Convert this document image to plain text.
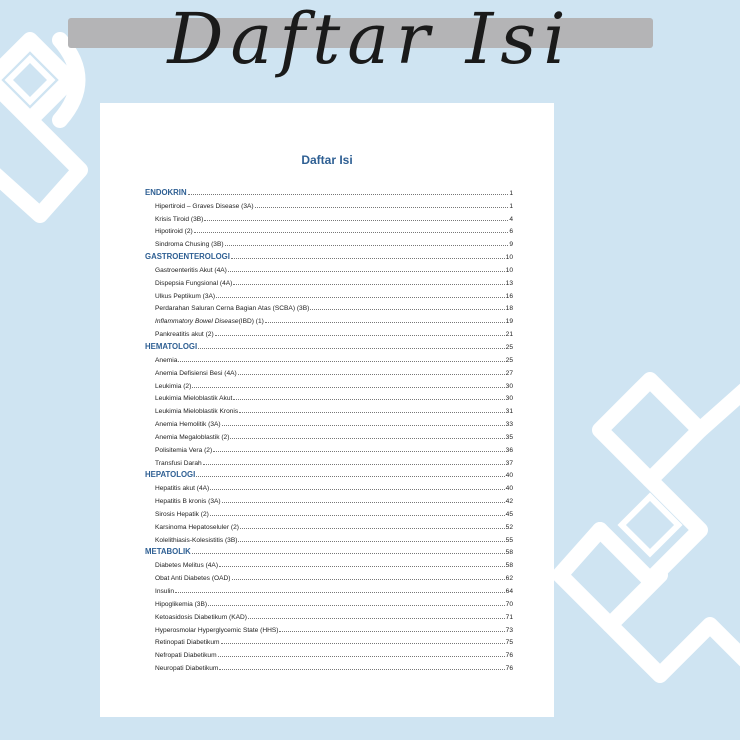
Daftar Isi
Daftar Isi
ENDOKRIN	1
Hipertiroid – Graves Disease (3A)	1
Krisis Tiroid (3B)	4
Hipotiroid (2)	6
Sindroma Chusing (3B)	9
GASTROENTEROLOGI	10
Gastroenteritis Akut (4A)	10
Dispepsia Fungsional (4A)	13
Ulkus Peptikum (3A)	16
Perdarahan Saluran Cerna Bagian Atas (SCBA) (3B)	18
Inflammatory Bowel Disease (IBD) (1)	19
Pankreatitis akut (2)	21
HEMATOLOGI	25
Anemia	25
Anemia Defisiensi Besi (4A)	27
Leukimia (2)	30
Leukimia Mieloblastik Akut	30
Leukimia Mieloblastik Kronis	31
Anemia Hemolitik (3A)	33
Anemia Megaloblastik (2)	35
Polisitemia Vera (2)	36
Transfusi Darah	37
HEPATOLOGI	40
Hepatitis akut (4A)	40
Hepatitis B kronis (3A)	42
Sirosis Hepatik (2)	45
Karsinoma Hepatoseluler (2)	52
Kolelithiasis-Kolesistitis (3B)	55
METABOLIK	58
Diabetes Melitus (4A)	58
Obat Anti Diabetes (OAD)	62
Insulin	64
Hipoglikemia (3B)	70
Ketoasidosis Diabetikum (KAD)	71
Hyperosmolar Hyperglycemic State (HHS)	73
Retinopati Diabetikum	75
Nefropati Diabetikum	76
Neuropati Diabetikum	76
